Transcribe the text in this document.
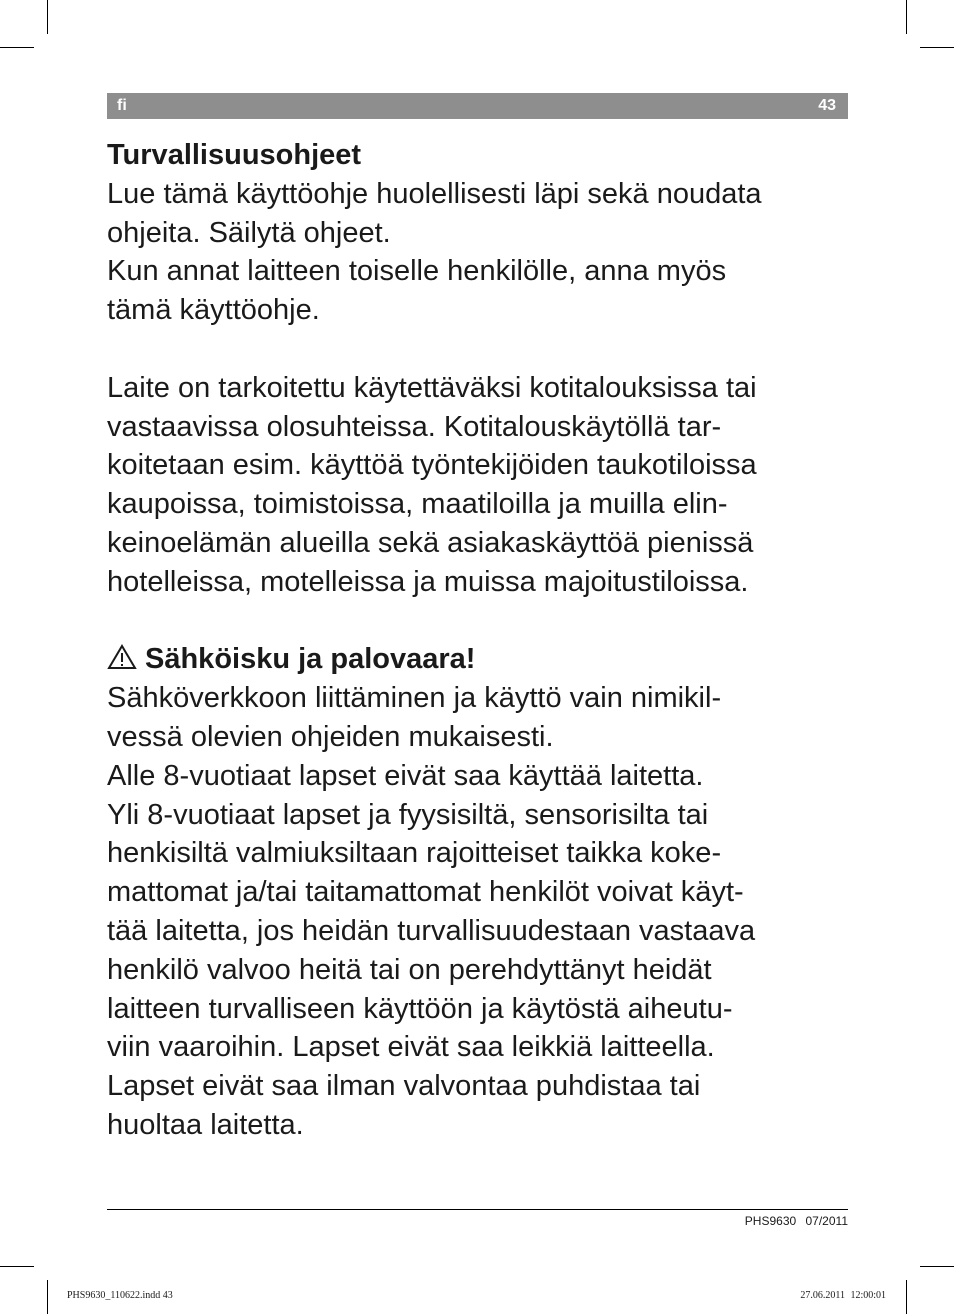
fi	43

Turvallisuusohjeet

Lue tämä käyttöohje huolellisesti läpi sekä noudata

ohjeita. Säilytä ohjeet.

Kun annat laitteen toiselle henkilölle, anna myös

tämä käyttöohje.

Laite on tarkoitettu käytettäväksi kotitalouksissa tai

vastaavissa olosuhteissa. Kotitalouskäytöllä tar-

koitetaan esim. käyttöä työntekijöiden taukotiloissa

kaupoissa, toimistoissa, maatiloilla ja muilla elin-

keinoelämän alueilla sekä asiakaskäyttöä pienissä

hotelleissa, motelleissa ja muissa majoitustiloissa.

Sähköisku ja palovaara!

Sähköverkkoon liittäminen ja käyttö vain nimikil-

vessä olevien ohjeiden mukaisesti.

Alle 8-vuotiaat lapset eivät saa käyttää laitetta.

Yli 8-vuotiaat lapset ja fyysisiltä, sensorisilta tai

henkisiltä valmiuksiltaan rajoitteiset taikka koke-

mattomat ja/tai taitamattomat henkilöt voivat käyt-

tää laitetta, jos heidän turvallisuudestaan vastaava

henkilö valvoo heitä tai on perehdyttänyt heidät

laitteen turvalliseen käyttöön ja käytöstä aiheutu-

viin vaaroihin. Lapset eivät saa leikkiä laitteella.

Lapset eivät saa ilman valvontaa puhdistaa tai

huoltaa laitetta.

PHS9630 07/2011
PHS9630_110622.indd 43	27.06.2011 12:00:01
